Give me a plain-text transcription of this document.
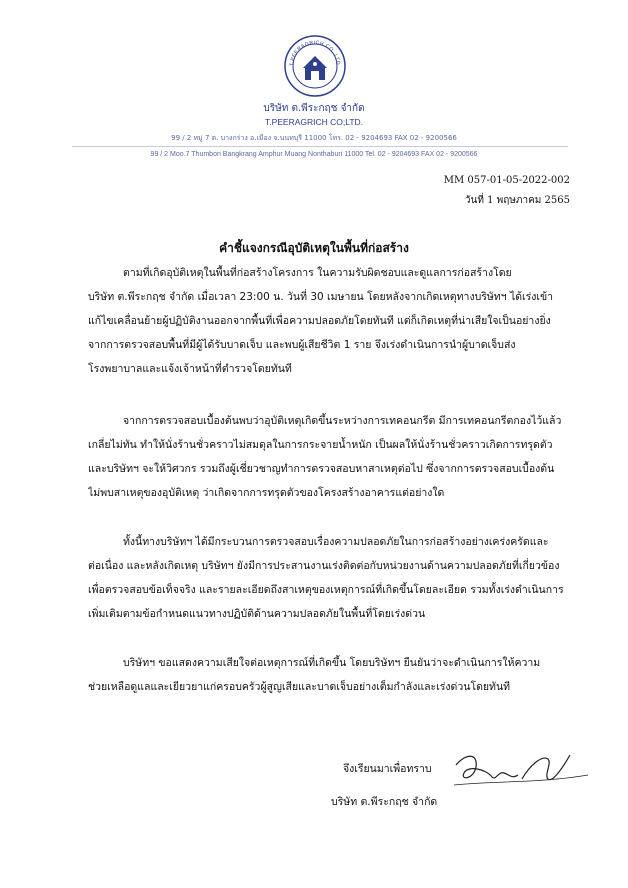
T.PEERAGRICH CO.,LTD.
บริษัท ต.พีระกฤช จำกัด
T.PEERAGRICH CO;LTD.
99 / 2 หมู่ 7 ต. บางกร่าง อ.เมือง จ.นนทบุรี 11000 โทร. 02 - 9204693 FAX 02 - 9200566
99 / 2 Moo.7 Thumbon Bangkrang Amphur Muang Nonthaburi 11000 Tel. 02 - 9204693 FAX 02 - 9200566
MM 057-01-05-2022-002
วันที่ 1 พฤษภาคม 2565
คำชี้แจงกรณีอุบัติเหตุในพื้นที่ก่อสร้าง
ตามที่เกิดอุบัติเหตุในพื้นที่ก่อสร้างโครงการ ในความรับผิดชอบและดูแลการก่อสร้างโดย
บริษัท ต.พีระกฤช จำกัด เมื่อเวลา 23:00 น. วันที่ 30 เมษายน โดยหลังจากเกิดเหตุทางบริษัทฯ ได้เร่งเข้า
แก้ไขเคลื่อนย้ายผู้ปฏิบัติงานออกจากพื้นที่เพื่อความปลอดภัยโดยทันที แต่ก็เกิดเหตุที่น่าเสียใจเป็นอย่างยิ่ง
จากการตรวจสอบพื้นที่มีผู้ได้รับบาดเจ็บ และพบผู้เสียชีวิต 1 ราย จึงเร่งดำเนินการนำผู้บาดเจ็บส่ง
โรงพยาบาลและแจ้งเจ้าหน้าที่ตำรวจโดยทันที
จากการตรวจสอบเบื้องต้นพบว่าอุบัติเหตุเกิดขึ้นระหว่างการเทคอนกรีต มีการเทคอนกรีตกองไว้แล้ว
เกลี่ยไม่ทัน ทำให้นั่งร้านชั่วคราวไม่สมดุลในการกระจายน้ำหนัก เป็นผลให้นั่งร้านชั่วคราวเกิดการทรุดตัว
และบริษัทฯ จะให้วิศวกร รวมถึงผู้เชี่ยวชาญทำการตรวจสอบหาสาเหตุต่อไป ซึ่งจากการตรวจสอบเบื้องต้น
ไม่พบสาเหตุของอุบัติเหตุ ว่าเกิดจากการทรุดตัวของโครงสร้างอาคารแต่อย่างใด
ทั้งนี้ทางบริษัทฯ ได้มีกระบวนการตรวจสอบเรื่องความปลอดภัยในการก่อสร้างอย่างเคร่งครัดและ
ต่อเนื่อง และหลังเกิดเหตุ บริษัทฯ ยังมีการประสานงานเร่งติดต่อกับหน่วยงานด้านความปลอดภัยที่เกี่ยวข้อง
เพื่อตรวจสอบข้อเท็จจริง และรายละเอียดถึงสาเหตุของเหตุการณ์ที่เกิดขึ้นโดยละเอียด รวมทั้งเร่งดำเนินการ
เพิ่มเติมตามข้อกำหนดแนวทางปฏิบัติด้านความปลอดภัยในพื้นที่โดยเร่งด่วน
บริษัทฯ ขอแสดงความเสียใจต่อเหตุการณ์ที่เกิดขึ้น โดยบริษัทฯ ยืนยันว่าจะดำเนินการให้ความ
ช่วยเหลือดูแลและเยียวยาแก่ครอบครัวผู้สูญเสียและบาดเจ็บอย่างเต็มกำลังและเร่งด่วนโดยทันที
จึงเรียนมาเพื่อทราบ
บริษัท ต.พีระกฤช จำกัด
